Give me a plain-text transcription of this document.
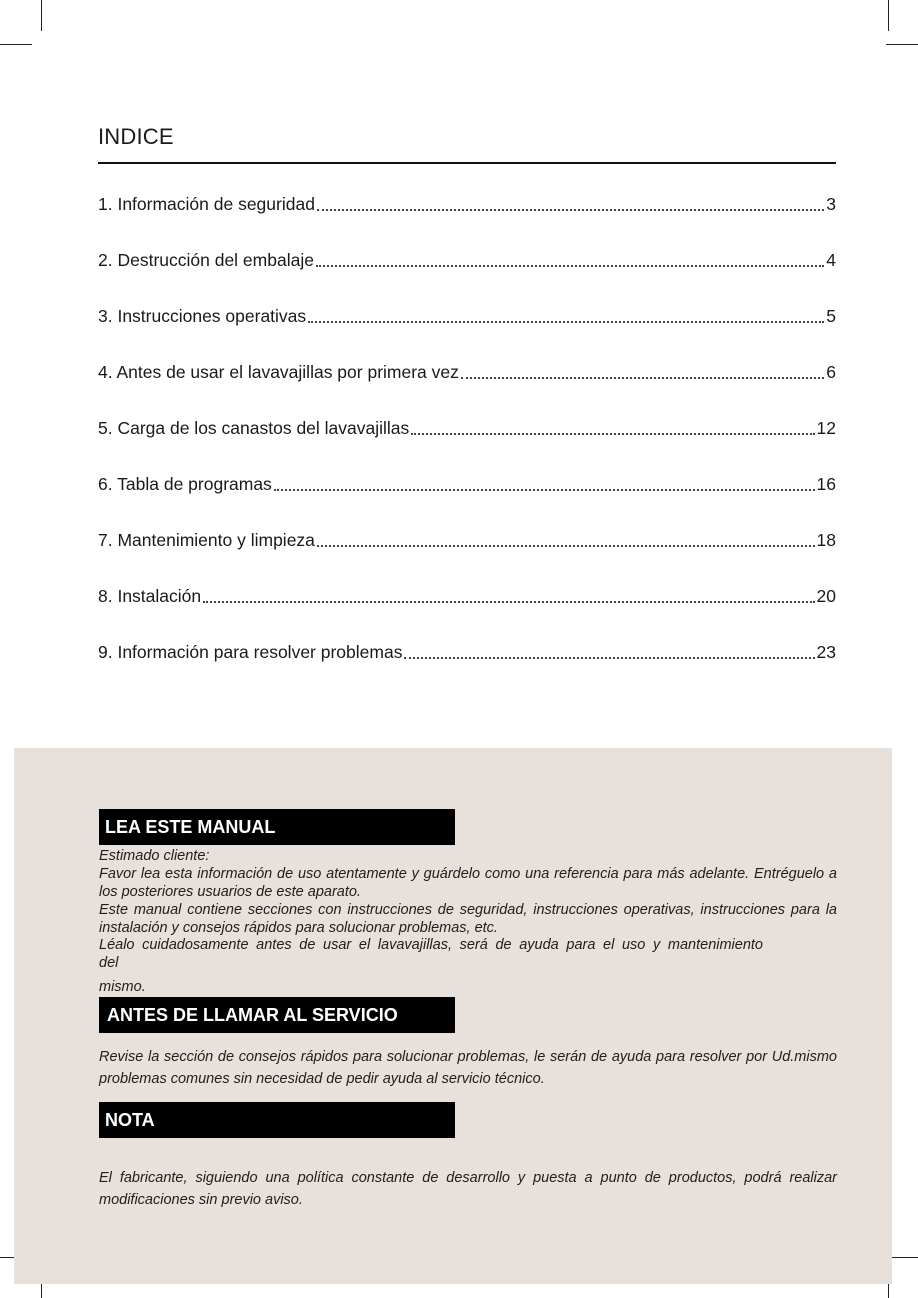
INDICE
1. Información de seguridad	3
2. Destrucción del embalaje	4
3. Instrucciones operativas	5
4. Antes de usar el lavavajillas por primera vez	6
5. Carga de los canastos del lavavajillas	12
6. Tabla de programas	16
7. Mantenimiento y limpieza	18
8. Instalación	20
9. Información para resolver problemas	23
LEA ESTE MANUAL
Estimado cliente:
Favor lea esta información de uso atentamente y guárdelo como una referencia para más adelante. Entréguelo a los posteriores usuarios de este aparato.
Este manual contiene secciones con instrucciones de seguridad, instrucciones operativas, instrucciones para la instalación y consejos rápidos para solucionar problemas, etc.
Léalo cuidadosamente antes de usar el lavavajillas, será de ayuda para el uso y mantenimiento del
mismo.
ANTES DE LLAMAR AL SERVICIO
Revise la sección de consejos rápidos para solucionar problemas, le serán de ayuda para resolver por Ud.mismo problemas comunes sin necesidad de pedir ayuda al servicio técnico.
NOTA
El fabricante, siguiendo una política constante de desarrollo y puesta a punto de productos, podrá realizar modificaciones sin previo aviso.
